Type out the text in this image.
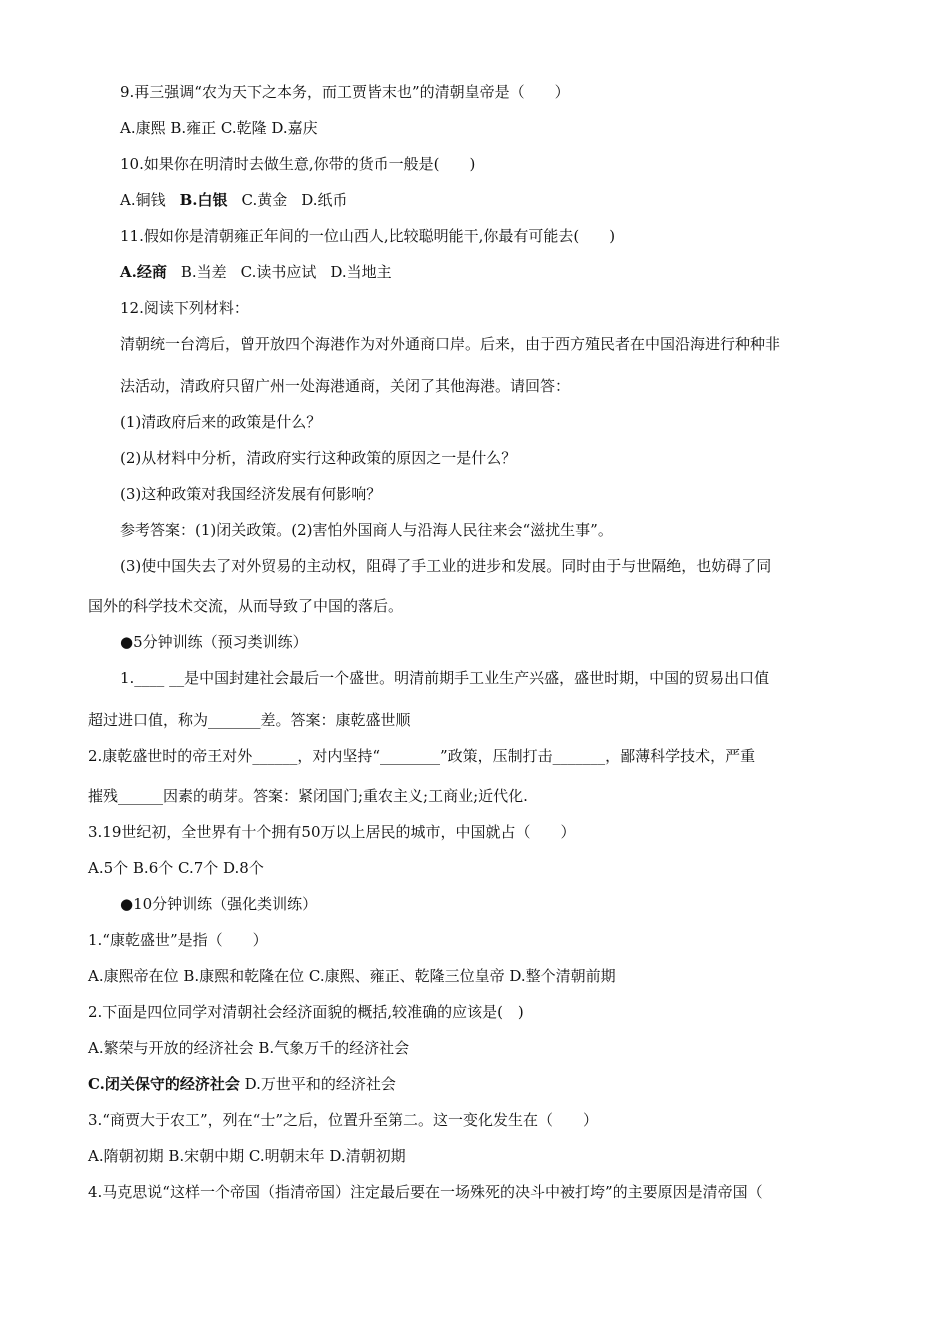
9.再三强调“农为天下之本务，而工贾皆末也”的清朝皇帝是（　　）
A.康熙 B.雍正 C.乾隆 D.嘉庆
10.如果你在明清时去做生意,你带的货币一般是(　　)
A.铜钱 B.白银 C.黄金 D.纸币
11.假如你是清朝雍正年间的一位山西人,比较聪明能干,你最有可能去(　　)
A.经商 B.当差 C.读书应试 D.当地主
12.阅读下列材料：
清朝统一台湾后，曾开放四个海港作为对外通商口岸。后来，由于西方殖民者在中国沿海进行种种非
法活动，清政府只留广州一处海港通商，关闭了其他海港。请回答：
(1)清政府后来的政策是什么？
(2)从材料中分析，清政府实行这种政策的原因之一是什么？
(3)这种政策对我国经济发展有何影响？
参考答案：(1)闭关政策。(2)害怕外国商人与沿海人民往来会“滋扰生事”。
(3)使中国失去了对外贸易的主动权，阻碍了手工业的进步和发展。同时由于与世隔绝，也妨碍了同
国外的科学技术交流，从而导致了中国的落后。
●5分钟训练（预习类训练）
1.____ __是中国封建社会最后一个盛世。明清前期手工业生产兴盛，盛世时期，中国的贸易出口值
超过进口值，称为_______差。答案：康乾盛世顺
2.康乾盛世时的帝王对外______，对内坚持“________”政策，压制打击_______，鄙薄科学技术，严重
摧残______因素的萌芽。答案：紧闭国门;重农主义;工商业;近代化.
3.19世纪初，全世界有十个拥有50万以上居民的城市，中国就占（　　）
A.5个 B.6个 C.7个 D.8个
●10分钟训练（强化类训练）
1.“康乾盛世”是指（　　）
A.康熙帝在位 B.康熙和乾隆在位 C.康熙、雍正、乾隆三位皇帝 D.整个清朝前期
2.下面是四位同学对清朝社会经济面貌的概括,较准确的应该是(　)
A.繁荣与开放的经济社会 B.气象万千的经济社会
C.闭关保守的经济社会 D.万世平和的经济社会
3.“商贾大于农工”，列在“士”之后，位置升至第二。这一变化发生在（　　）
A.隋朝初期 B.宋朝中期 C.明朝末年 D.清朝初期
4.马克思说“这样一个帝国（指清帝国）注定最后要在一场殊死的决斗中被打垮”的主要原因是清帝国（
